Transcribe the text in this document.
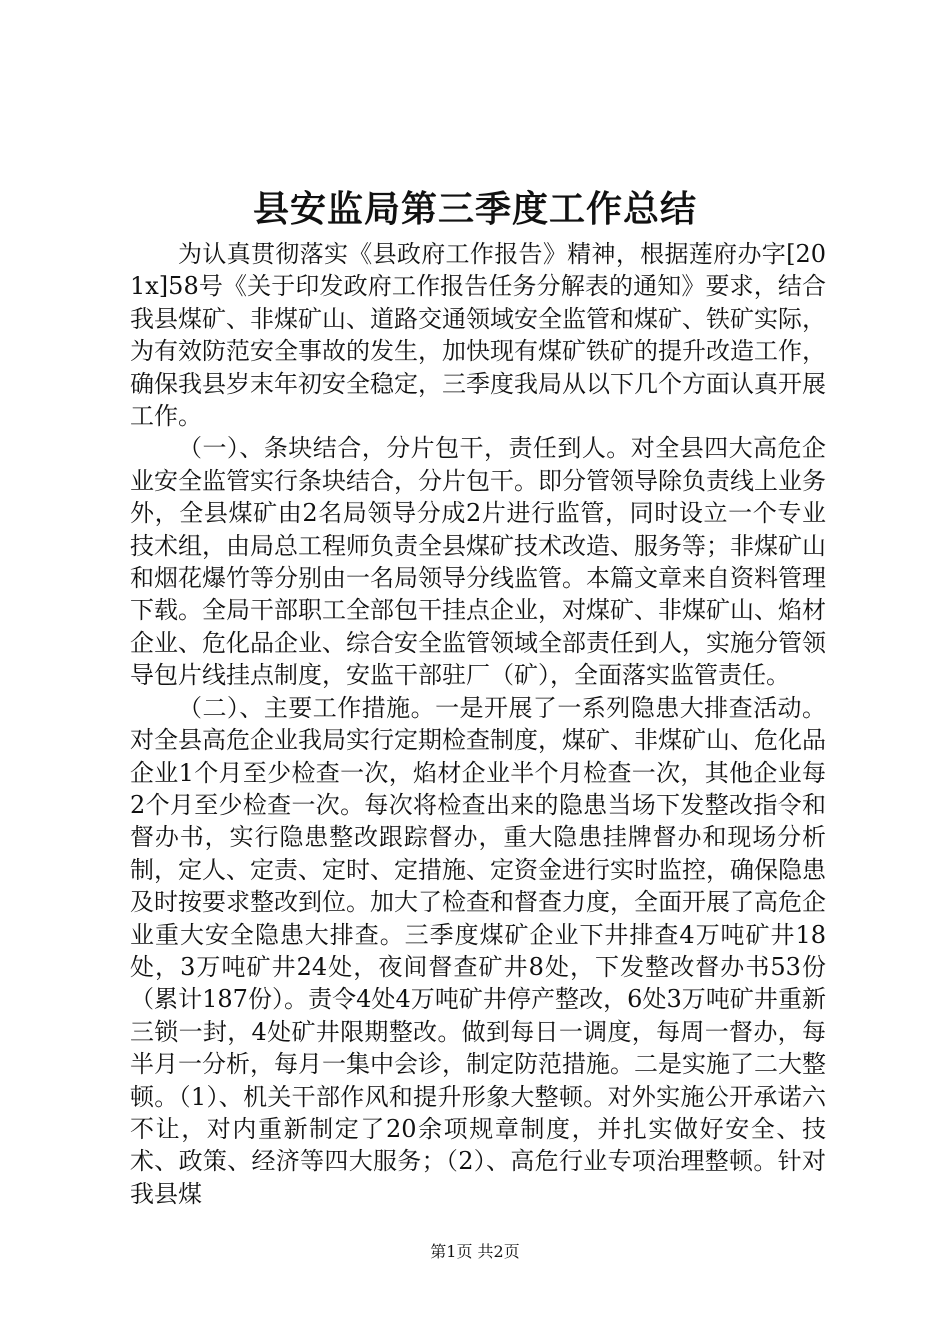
县安监局第三季度工作总结

为认真贯彻落实《县政府工作报告》精神，根据莲府办字[201x]58号《关于印发政府工作报告任务分解表的通知》要求，结合我县煤矿、非煤矿山、道路交通领域安全监管和煤矿、铁矿实际，为有效防范安全事故的发生，加快现有煤矿铁矿的提升改造工作，确保我县岁末年初安全稳定，三季度我局从以下几个方面认真开展工作。

（一）、条块结合，分片包干，责任到人。对全县四大高危企业安全监管实行条块结合，分片包干。即分管领导除负责线上业务外，全县煤矿由2名局领导分成2片进行监管，同时设立一个专业技术组，由局总工程师负责全县煤矿技术改造、服务等；非煤矿山和烟花爆竹等分别由一名局领导分线监管。本篇文章来自资料管理下载。全局干部职工全部包干挂点企业，对煤矿、非煤矿山、焰材企业、危化品企业、综合安全监管领域全部责任到人，实施分管领导包片线挂点制度，安监干部驻厂（矿），全面落实监管责任。

（二）、主要工作措施。一是开展了一系列隐患大排查活动。对全县高危企业我局实行定期检查制度，煤矿、非煤矿山、危化品企业1个月至少检查一次，焰材企业半个月检查一次，其他企业每2个月至少检查一次。每次将检查出来的隐患当场下发整改指令和督办书，实行隐患整改跟踪督办，重大隐患挂牌督办和现场分析制，定人、定责、定时、定措施、定资金进行实时监控，确保隐患及时按要求整改到位。加大了检查和督查力度，全面开展了高危企业重大安全隐患大排查。三季度煤矿企业下井排查4万吨矿井18处，3万吨矿井24处，夜间督查矿井8处，下发整改督办书53份（累计187份）。责令4处4万吨矿井停产整改，6处3万吨矿井重新三锁一封，4处矿井限期整改。做到每日一调度，每周一督办，每半月一分析，每月一集中会诊，制定防范措施。二是实施了二大整顿。（1）、机关干部作风和提升形象大整顿。对外实施公开承诺六不让，对内重新制定了20余项规章制度，并扎实做好安全、技术、政策、经济等四大服务；（2）、高危行业专项治理整顿。针对我县煤

第1页 共2页
